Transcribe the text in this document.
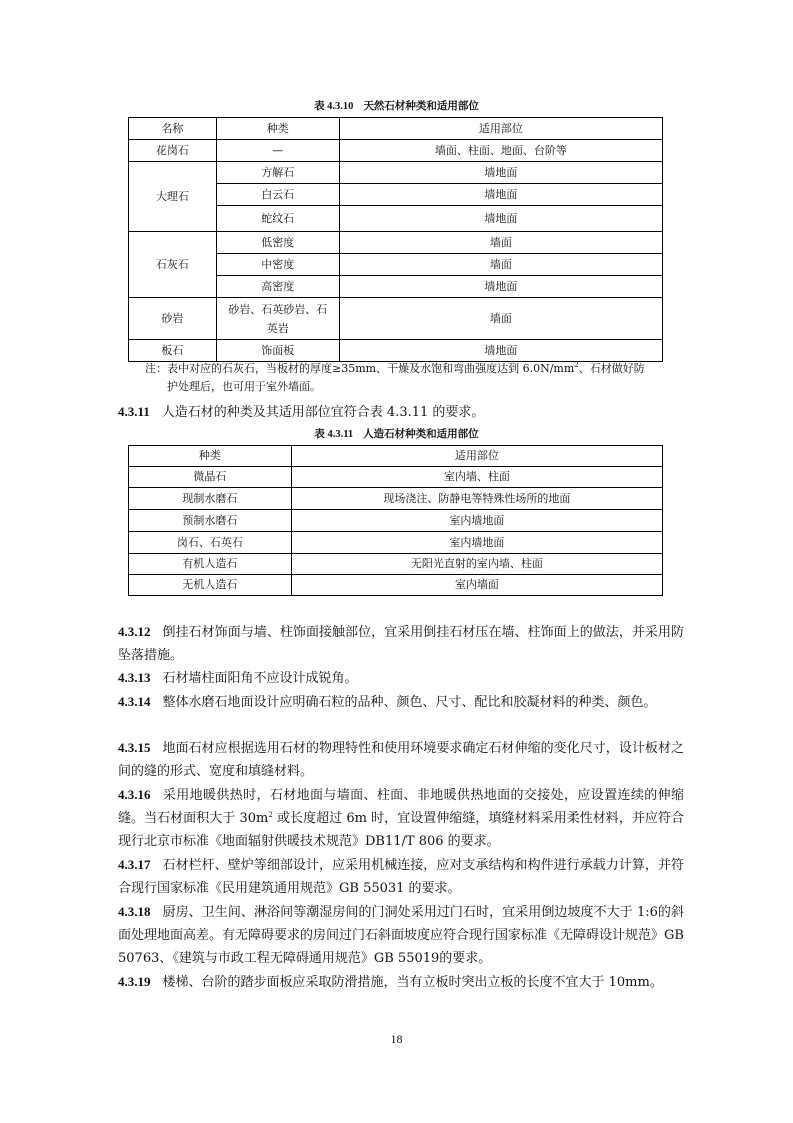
表 4.3.10 天然石材种类和适用部位
名称	种类	适用部位
花岗石	—	墙面、柱面、地面、台阶等
大理石	方解石	墙地面
	白云石	墙地面
	蛇纹石	墙地面
石灰石	低密度	墙面
	中密度	墙面
	高密度	墙地面
砂岩	砂岩、石英砂岩、石英岩	墙面
板石	饰面板	墙地面
注：表中对应的石灰石，当板材的厚度≥35mm、干燥及水饱和弯曲强度达到 $6.0N/mm^2$、石材做好防
护处理后，也可用于室外墙面。
4.3.11 人造石材的种类及其适用部位宜符合表 4.3.11 的要求。
表 4.3.11 人造石材种类和适用部位
种类	适用部位
微晶石	室内墙、柱面
现制水磨石	现场浇注、防静电等特殊性场所的地面
预制水磨石	室内墙地面
岗石、石英石	室内墙地面
有机人造石	无阳光直射的室内墙、柱面
无机人造石	室内墙面
4.3.12 倒挂石材饰面与墙、柱饰面接触部位，宜采用倒挂石材压在墙、柱饰面上的做法，并采用防坠落措施。
4.3.13 石材墙柱面阳角不应设计成锐角。
4.3.14 整体水磨石地面设计应明确石粒的品种、颜色、尺寸、配比和胶凝材料的种类、颜色。
4.3.15 地面石材应根据选用石材的物理特性和使用环境要求确定石材伸缩的变化尺寸，设计板材之间的缝的形式、宽度和填缝材料。
4.3.16 采用地暖供热时，石材地面与墙面、柱面、非地暖供热地面的交接处，应设置连续的伸缩缝。当石材面积大于 $30m^2$ 或长度超过 6m 时，宜设置伸缩缝，填缝材料采用柔性材料，并应符合现行北京市标准《地面辐射供暖技术规范》DB11/T 806 的要求。
4.3.17 石材栏杆、壁炉等细部设计，应采用机械连接，应对支承结构和构件进行承载力计算，并符合现行国家标准《民用建筑通用规范》GB 55031 的要求。
4.3.18 厨房、卫生间、淋浴间等潮湿房间的门洞处采用过门石时，宜采用倒边坡度不大于 1:6的斜面处理地面高差。有无障碍要求的房间过门石斜面坡度应符合现行国家标准《无障碍设计规范》GB 50763、《建筑与市政工程无障碍通用规范》GB 55019的要求。
4.3.19 楼梯、台阶的踏步面板应采取防滑措施，当有立板时突出立板的长度不宜大于 10mm。
18
